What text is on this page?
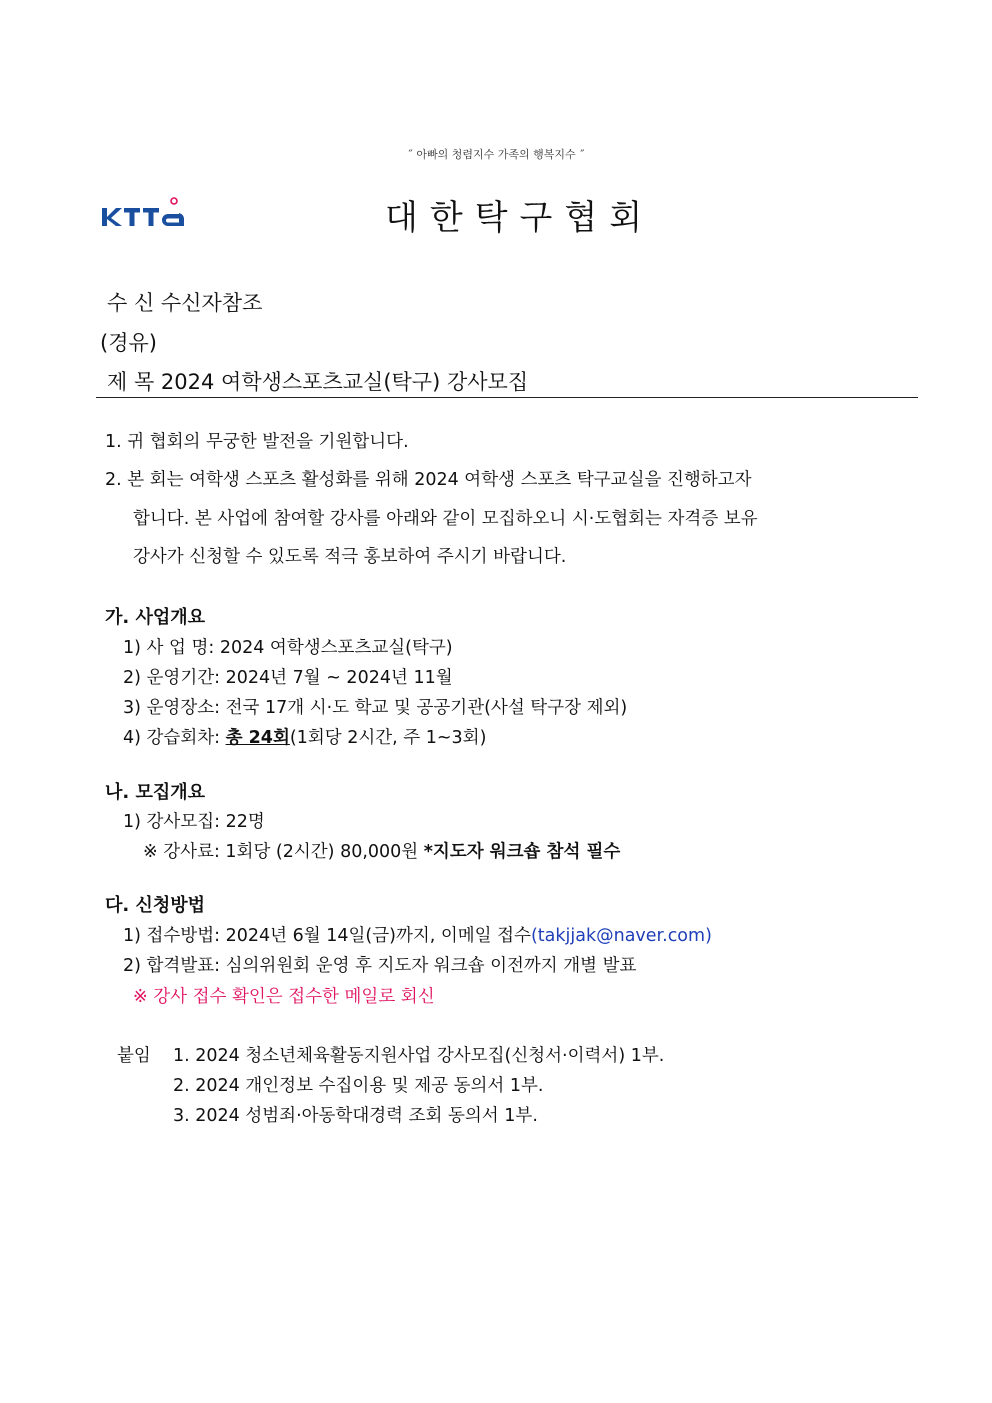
˝ 아빠의 청렴지수 가족의 행복지수 ˝
대한탁구협회
수 신 수신자참조
(경유)
제 목 2024 여학생스포츠교실(탁구) 강사모집
1. 귀 협회의 무궁한 발전을 기원합니다.
2. 본 회는 여학생 스포츠 활성화를 위해 2024 여학생 스포츠 탁구교실을 진행하고자
합니다. 본 사업에 참여할 강사를 아래와 같이 모집하오니 시·도협회는 자격증 보유
강사가 신청할 수 있도록 적극 홍보하여 주시기 바랍니다.
가. 사업개요
1) 사 업 명: 2024 여학생스포츠교실(탁구)
2) 운영기간: 2024년 7월 ~ 2024년 11월
3) 운영장소: 전국 17개 시·도 학교 및 공공기관(사설 탁구장 제외)
4) 강습회차: 총 24회(1회당 2시간, 주 1~3회)
나. 모집개요
1) 강사모집: 22명
※ 강사료: 1회당 (2시간) 80,000원 *지도자 워크숍 참석 필수
다. 신청방법
1) 접수방법: 2024년 6월 14일(금)까지, 이메일 접수(takjjak@naver.com)
2) 합격발표: 심의위원회 운영 후 지도자 워크숍 이전까지 개별 발표
※ 강사 접수 확인은 접수한 메일로 회신
붙임 1. 2024 청소년체육활동지원사업 강사모집(신청서·이력서) 1부.
2. 2024 개인정보 수집이용 및 제공 동의서 1부.
3. 2024 성범죄·아동학대경력 조회 동의서 1부.
